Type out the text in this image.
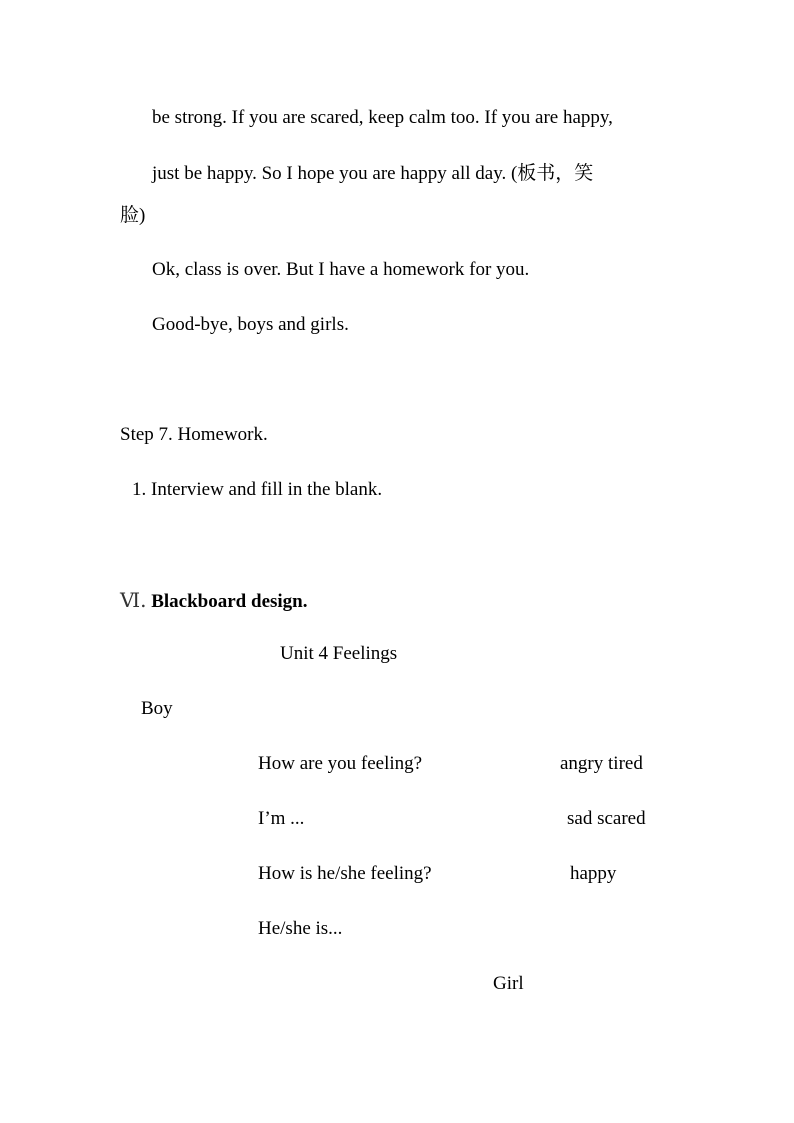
be strong. If you are scared, keep calm too. If you are happy,
just be happy. So I hope you are happy all day. (板书，笑
脸)
Ok, class is over. But I have a homework for you.
Good-bye, boys and girls.
Step 7. Homework.
1. Interview and fill in the blank.
Ⅵ. Blackboard design.
Unit 4 Feelings
Boy
How are you feeling?	angry tired
I’m ...	sad scared
How is he/she feeling?	happy
He/she is...
Girl
